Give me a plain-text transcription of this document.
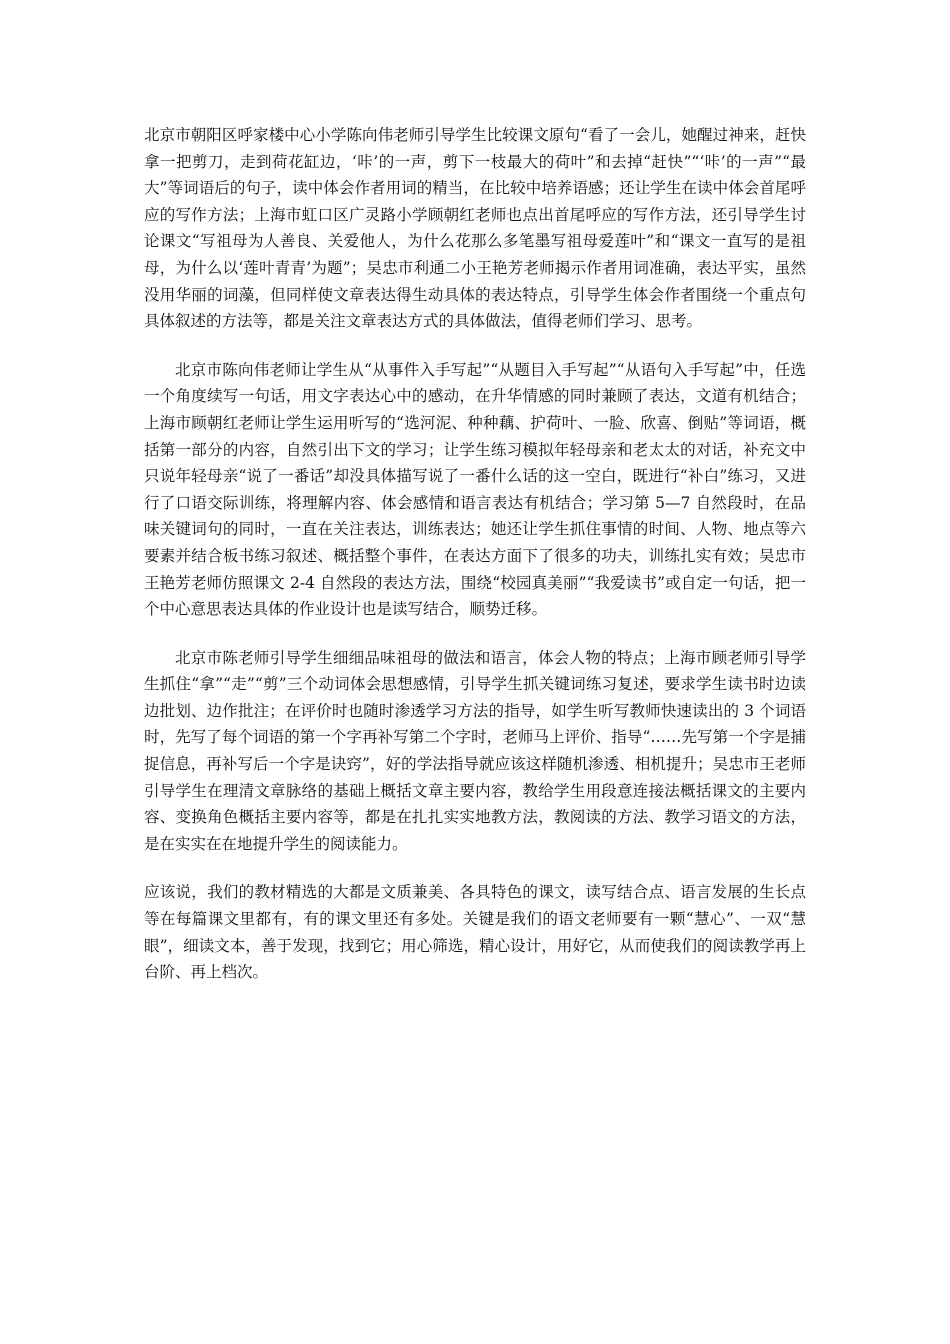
北京市朝阳区呼家楼中心小学陈向伟老师引导学生比较课文原句“看了一会儿，她醒过神来，赶快拿一把剪刀，走到荷花缸边，‘咔’的一声，剪下一枝最大的荷叶”和去掉“赶快”“‘咔’的一声”“最大”等词语后的句子，读中体会作者用词的精当，在比较中培养语感；还让学生在读中体会首尾呼应的写作方法；上海市虹口区广灵路小学顾朝红老师也点出首尾呼应的写作方法，还引导学生讨论课文“写祖母为人善良、关爱他人，为什么花那么多笔墨写祖母爱莲叶”和“课文一直写的是祖母，为什么以‘莲叶青青’为题”；吴忠市利通二小王艳芳老师揭示作者用词准确，表达平实，虽然没用华丽的词藻，但同样使文章表达得生动具体的表达特点，引导学生体会作者围绕一个重点句具体叙述的方法等，都是关注文章表达方式的具体做法，值得老师们学习、思考。

北京市陈向伟老师让学生从“从事件入手写起”“从题目入手写起”“从语句入手写起”中，任选一个角度续写一句话，用文字表达心中的感动，在升华情感的同时兼顾了表达，文道有机结合；上海市顾朝红老师让学生运用听写的“选河泥、种种藕、护荷叶、一脸、欣喜、倒贴”等词语，概括第一部分的内容，自然引出下文的学习；让学生练习模拟年轻母亲和老太太的对话，补充文中只说年轻母亲“说了一番话”却没具体描写说了一番什么话的这一空白，既进行“补白”练习，又进行了口语交际训练，将理解内容、体会感情和语言表达有机结合；学习第 5—7 自然段时，在品味关键词句的同时，一直在关注表达，训练表达；她还让学生抓住事情的时间、人物、地点等六要素并结合板书练习叙述、概括整个事件，在表达方面下了很多的功夫，训练扎实有效；吴忠市王艳芳老师仿照课文 2-4 自然段的表达方法，围绕“校园真美丽”“我爱读书”或自定一句话，把一个中心意思表达具体的作业设计也是读写结合，顺势迁移。

北京市陈老师引导学生细细品味祖母的做法和语言，体会人物的特点；上海市顾老师引导学生抓住“拿”“走”“剪”三个动词体会思想感情，引导学生抓关键词练习复述，要求学生读书时边读边批划、边作批注；在评价时也随时渗透学习方法的指导，如学生听写教师快速读出的 3 个词语时，先写了每个词语的第一个字再补写第二个字时，老师马上评价、指导“……先写第一个字是捕捉信息，再补写后一个字是诀窍”，好的学法指导就应该这样随机渗透、相机提升；吴忠市王老师引导学生在理清文章脉络的基础上概括文章主要内容，教给学生用段意连接法概括课文的主要内容、变换角色概括主要内容等，都是在扎扎实实地教方法，教阅读的方法、教学习语文的方法，是在实实在在地提升学生的阅读能力。

应该说，我们的教材精选的大都是文质兼美、各具特色的课文，读写结合点、语言发展的生长点等在每篇课文里都有，有的课文里还有多处。关键是我们的语文老师要有一颗“慧心”、一双“慧眼”，细读文本，善于发现，找到它；用心筛选，精心设计，用好它，从而使我们的阅读教学再上台阶、再上档次。
